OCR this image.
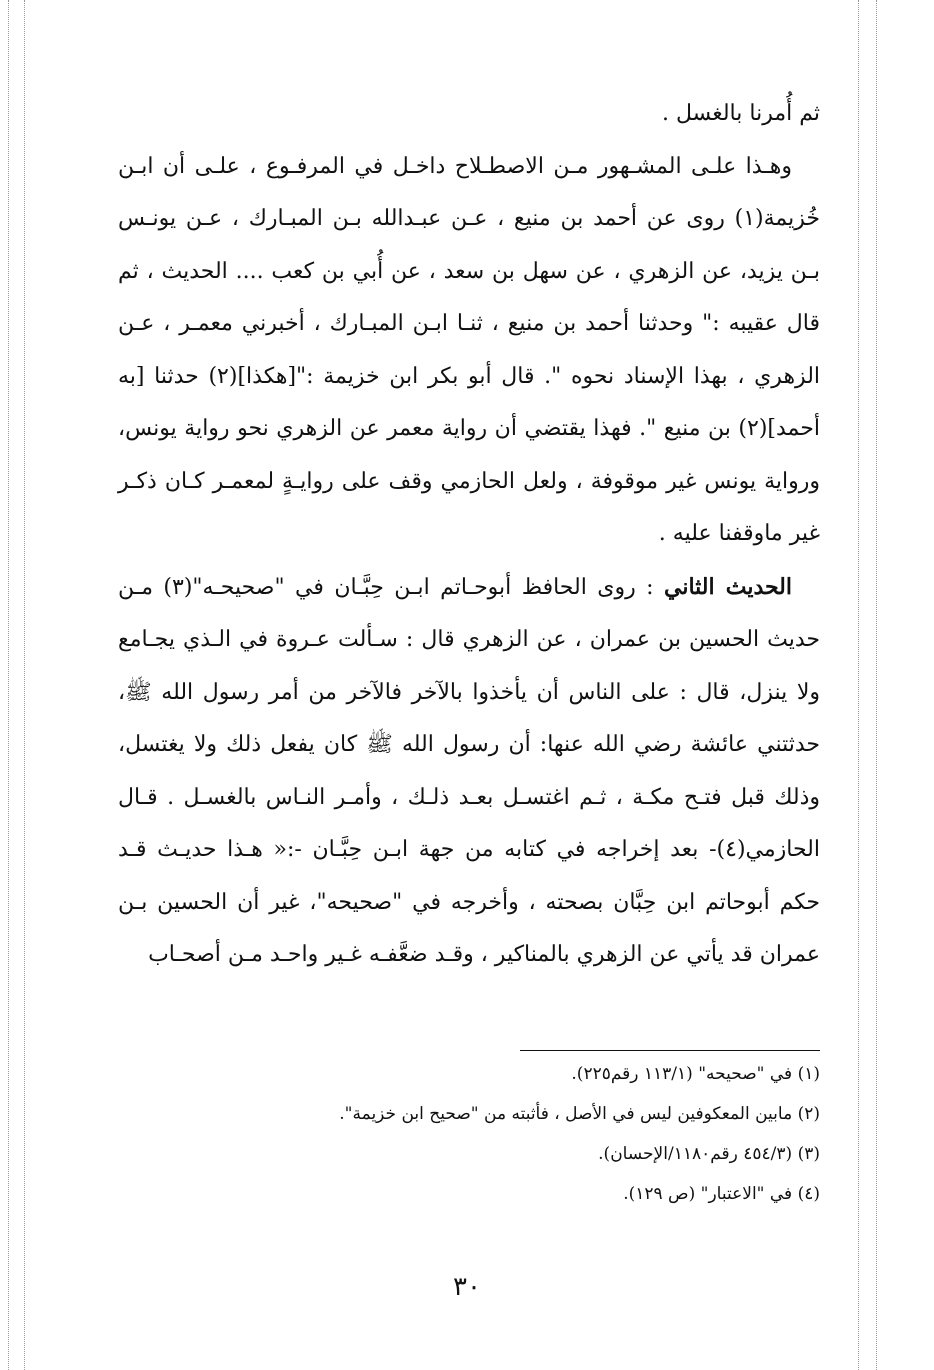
ثم أُمرنا بالغسل .

وهـذا علـى المشـهور مـن الاصطـلاح داخـل في المرفـوع ، علـى أن ابـن خُزيمة(١) روى عن أحمد بن منيع ، عـن عبـدالله بـن المبـارك ، عـن يونـس بـن يزيد، عن الزهري ، عن سهل بن سعد ، عن أُبي بن كعب .... الحديث ، ثم قال عقيبه :" وحدثنا أحمد بن منيع ، ثنـا ابـن المبـارك ، أخبرني معمـر ، عـن الزهري ، بهذا الإسناد نحوه ". قال أبو بكر ابن خزيمة :"[هكذا](٢) حدثنا [به أحمد](٢) بن منيع ". فهذا يقتضي أن رواية معمر عن الزهري نحو رواية يونس، ورواية يونس غير موقوفة ، ولعل الحازمي وقف على روايـةٍ لمعمـر كـان ذكـر غير ماوقفنا عليه .

الحديث الثاني : روى الحافظ أبوحـاتم ابـن حِبَّـان في "صحيحـه"(٣) مـن حديث الحسين بن عمران ، عن الزهري قال : سـألت عـروة في الـذي يجـامع ولا ينزل، قال : على الناس أن يأخذوا بالآخر فالآخر من أمر رسول الله ﷺ، حدثتني عائشة رضي الله عنها: أن رسول الله ﷺ كان يفعل ذلك ولا يغتسل، وذلك قبل فتـح مكـة ، ثـم اغتسـل بعـد ذلـك ، وأمـر النـاس بالغسـل . قـال الحازمي(٤)- بعد إخراجه في كتابه من جهة ابـن حِبَّـان -:« هـذا حديـث قـد حكم أبوحاتم ابن حِبَّان بصحته ، وأخرجه في "صحيحه"، غير أن الحسين بـن عمران قد يأتي عن الزهري بالمناكير ، وقـد ضعَّفـه غـير واحـد مـن أصحـاب

(١) في "صحيحه" (١١٣/١ رقم٢٢٥).

(٢) مابين المعكوفين ليس في الأصل ، فأثبته من "صحيح ابن خزيمة".

(٣) (٤٥٤/٣ رقم١١٨٠/الإحسان).

(٤) في "الاعتبار" (ص ١٢٩).

٣٠
